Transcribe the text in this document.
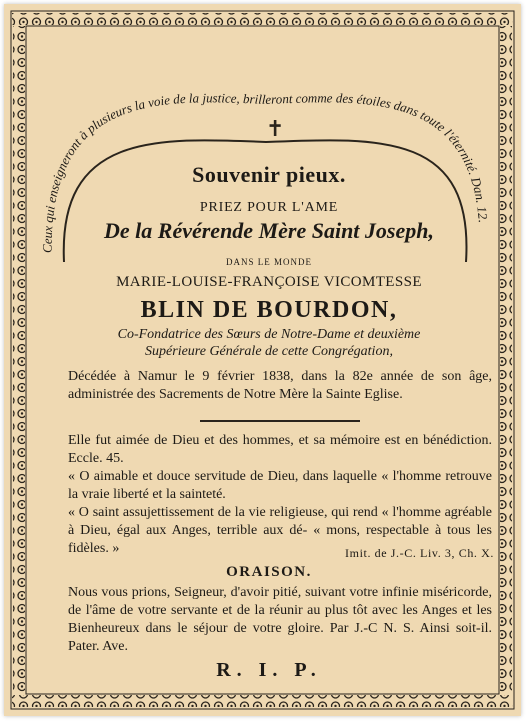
Ceux qui enseigneront à plusieurs la voie de la justice, brilleront comme des étoiles dans toute l'éternité. Dan. 12.
✝
Souvenir pieux.
PRIEZ POUR L'AME
De la Révérende Mère Saint Joseph,
DANS LE MONDE
MARIE-LOUISE-FRANÇOISE VICOMTESSE
BLIN DE BOURDON,
Co-Fondatrice des Sœurs de Notre-Dame et deuxième
Supérieure Générale de cette Congrégation,

Décédée à Namur le 9 février 1838, dans la 82e année de son âge, administrée des Sacrements de Notre Mère la Sainte Eglise.

Elle fut aimée de Dieu et des hommes, et sa mémoire est en bénédiction. Eccle. 45.

« O aimable et douce servitude de Dieu, dans laquelle « l'homme retrouve la vraie liberté et la sainteté.

« O saint assujettissement de la vie religieuse, qui rend « l'homme agréable à Dieu, égal aux Anges, terrible aux dé- « mons, respectable à tous les fidèles. »	Imit. de J.-C. Liv. 3, Ch. X.
ORAISON.

Nous vous prions, Seigneur, d'avoir pitié, suivant votre infinie miséricorde, de l'âme de votre servante et de la réunir au plus tôt avec les Anges et les Bienheureux dans le séjour de votre gloire. Par J.-C N. S. Ainsi soit-il. Pater. Ave.

R. I. P.
